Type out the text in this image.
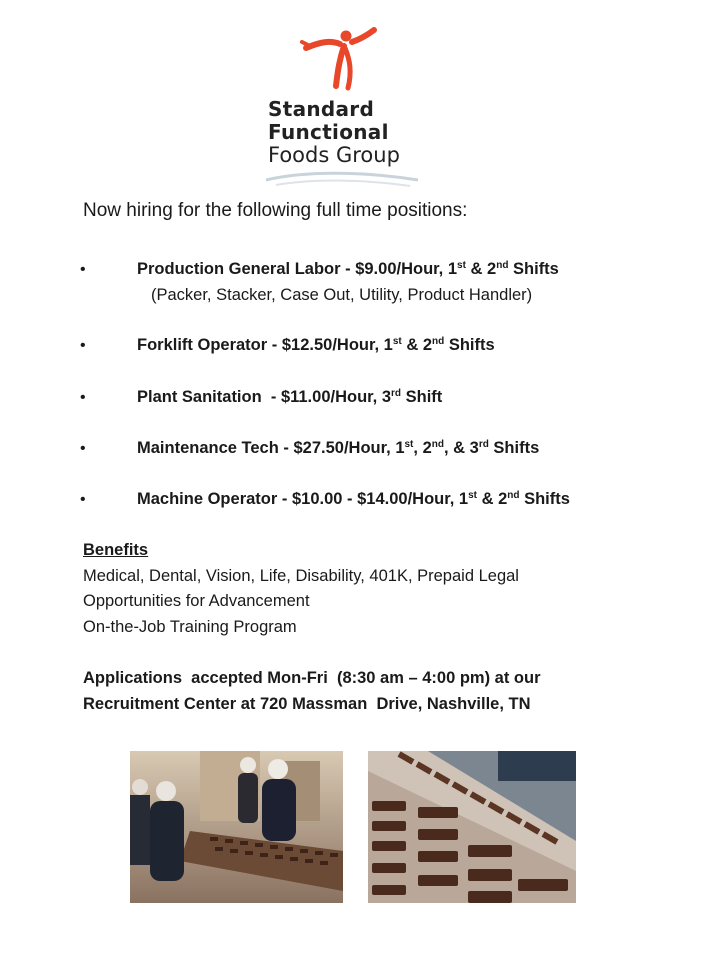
Standard
Functional
Foods Group
Now hiring for the following full time positions:
•	Production General Labor - $9.00/Hour, 1st & 2nd Shifts
(Packer, Stacker, Case Out, Utility, Product Handler)
•	Forklift Operator - $12.50/Hour, 1st & 2nd Shifts
•	Plant Sanitation  - $11.00/Hour, 3rd Shift
•	Maintenance Tech - $27.50/Hour, 1st, 2nd, & 3rd Shifts
•	Machine Operator - $10.00 - $14.00/Hour, 1st & 2nd Shifts
Benefits
Medical, Dental, Vision, Life, Disability, 401K, Prepaid Legal
Opportunities for Advancement
On-the-Job Training Program
Applications  accepted Mon-Fri  (8:30 am – 4:00 pm) at our
Recruitment Center at 720 Massman  Drive, Nashville, TN
